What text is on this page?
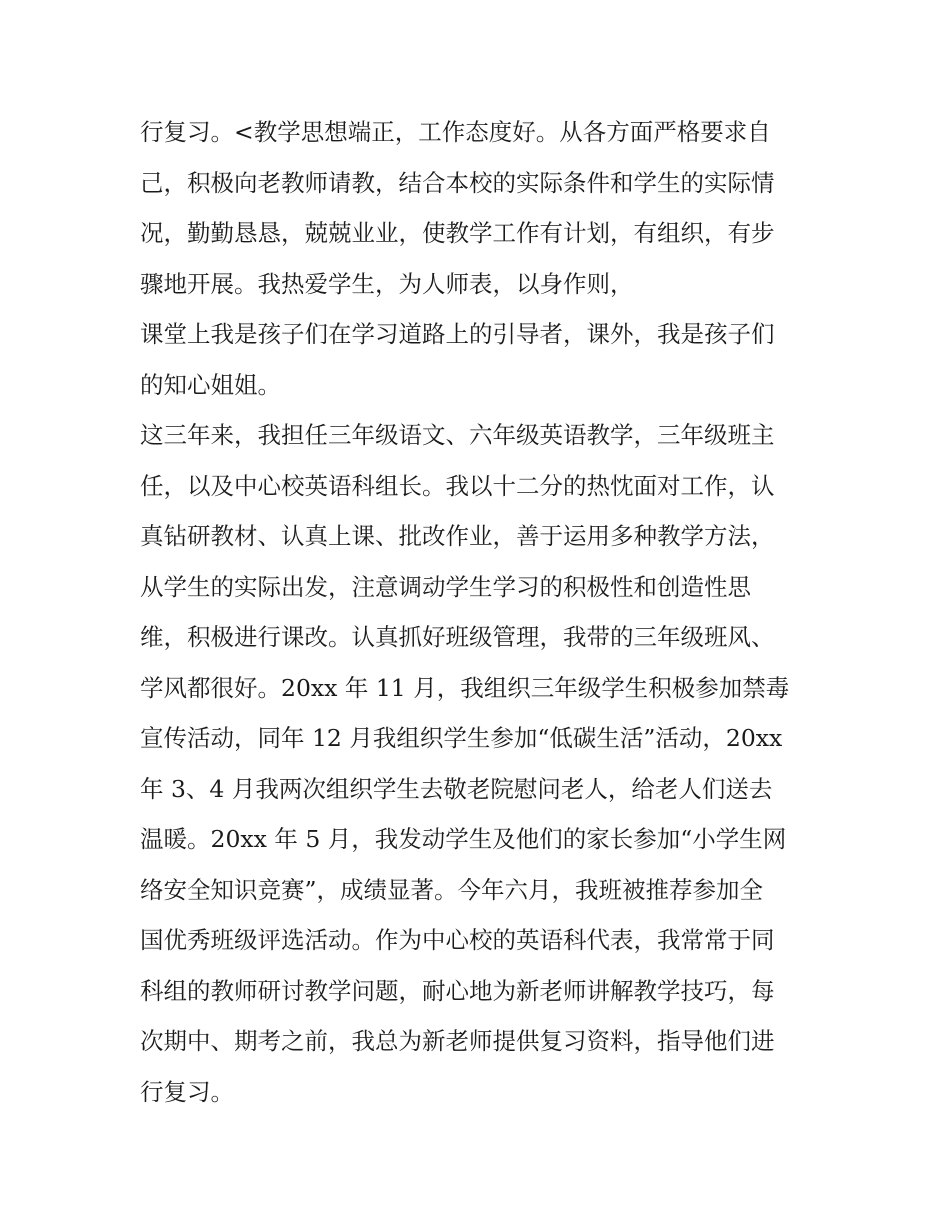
行复习。<教学思想端正，工作态度好。从各方面严格要求自
己，积极向老教师请教，结合本校的实际条件和学生的实际情
况，勤勤恳恳，兢兢业业，使教学工作有计划，有组织，有步
骤地开展。我热爱学生，为人师表，以身作则，
课堂上我是孩子们在学习道路上的引导者，课外，我是孩子们
的知心姐姐。
这三年来，我担任三年级语文、六年级英语教学，三年级班主
任，以及中心校英语科组长。我以十二分的热忱面对工作，认
真钻研教材、认真上课、批改作业，善于运用多种教学方法，
从学生的实际出发，注意调动学生学习的积极性和创造性思
维，积极进行课改。认真抓好班级管理，我带的三年级班风、
学风都很好。20xx 年 11 月，我组织三年级学生积极参加禁毒
宣传活动，同年 12 月我组织学生参加“低碳生活”活动，20xx
年 3、4 月我两次组织学生去敬老院慰问老人，给老人们送去
温暖。20xx 年 5 月，我发动学生及他们的家长参加“小学生网
络安全知识竞赛”，成绩显著。今年六月，我班被推荐参加全
国优秀班级评选活动。作为中心校的英语科代表，我常常于同
科组的教师研讨教学问题，耐心地为新老师讲解教学技巧，每
次期中、期考之前，我总为新老师提供复习资料，指导他们进
行复习。
